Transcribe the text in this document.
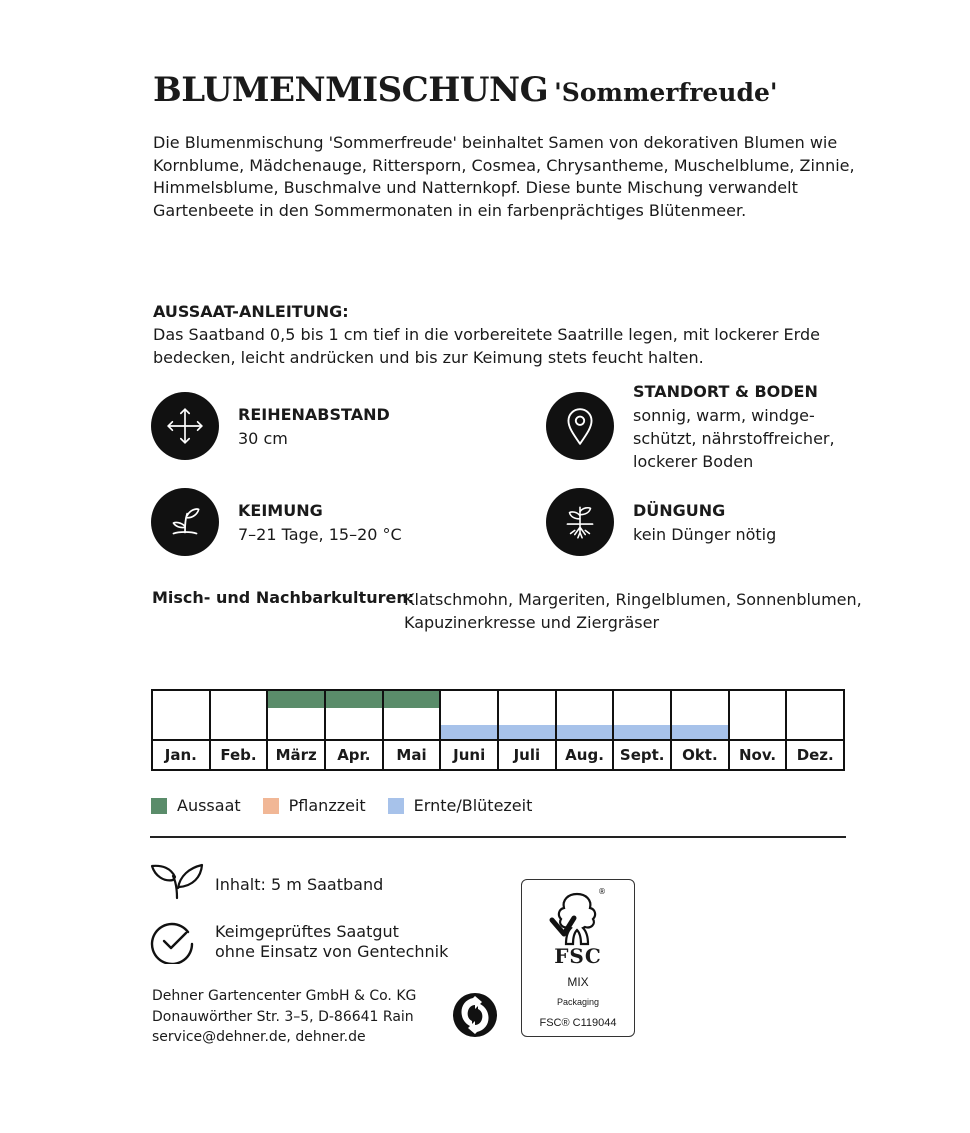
BLUMENMISCHUNG 'Sommerfreude'

Die Blumenmischung 'Sommerfreude' beinhaltet Samen von dekorativen Blumen wie Kornblume, Mädchenauge, Rittersporn, Cosmea, Chrysantheme, Muschelblume, Zinnie, Himmelsblume, Buschmalve und Natternkopf. Diese bunte Mischung verwandelt Gartenbeete in den Sommermonaten in ein farbenprächtiges Blütenmeer.

AUSSAAT-ANLEITUNG:

Das Saatband 0,5 bis 1 cm tief in die vorbereitete Saatrille legen, mit lockerer Erde bedecken, leicht andrücken und bis zur Keimung stets feucht halten.

REIHENABSTAND
30 cm
STANDORT & BODEN
sonnig, warm, windge-schützt, nährstoffreicher, lockerer Boden
KEIMUNG
7–21 Tage, 15–20 °C
DÜNGUNG
kein Dünger nötig
Misch- und Nachbarkulturen:

Klatschmohn, Margeriten, Ringelblumen, Sonnenblumen, Kapuzinerkresse und Ziergräser

Jan.	Feb.	März	Apr.	Mai	Juni	Juli	Aug.	Sept.	Okt.	Nov.	Dez.
Aussaat	Pflanzzeit	Ernte/Blütezeit
Inhalt: 5 m Saatband
Keimgeprüftes Saatgut
ohne Einsatz von Gentechnik
Dehner Gartencenter GmbH & Co. KG
Donauwörther Str. 3–5, D-86641 Rain
service@dehner.de, dehner.de
®
FSC
MIX
Packaging
FSC® C119044
